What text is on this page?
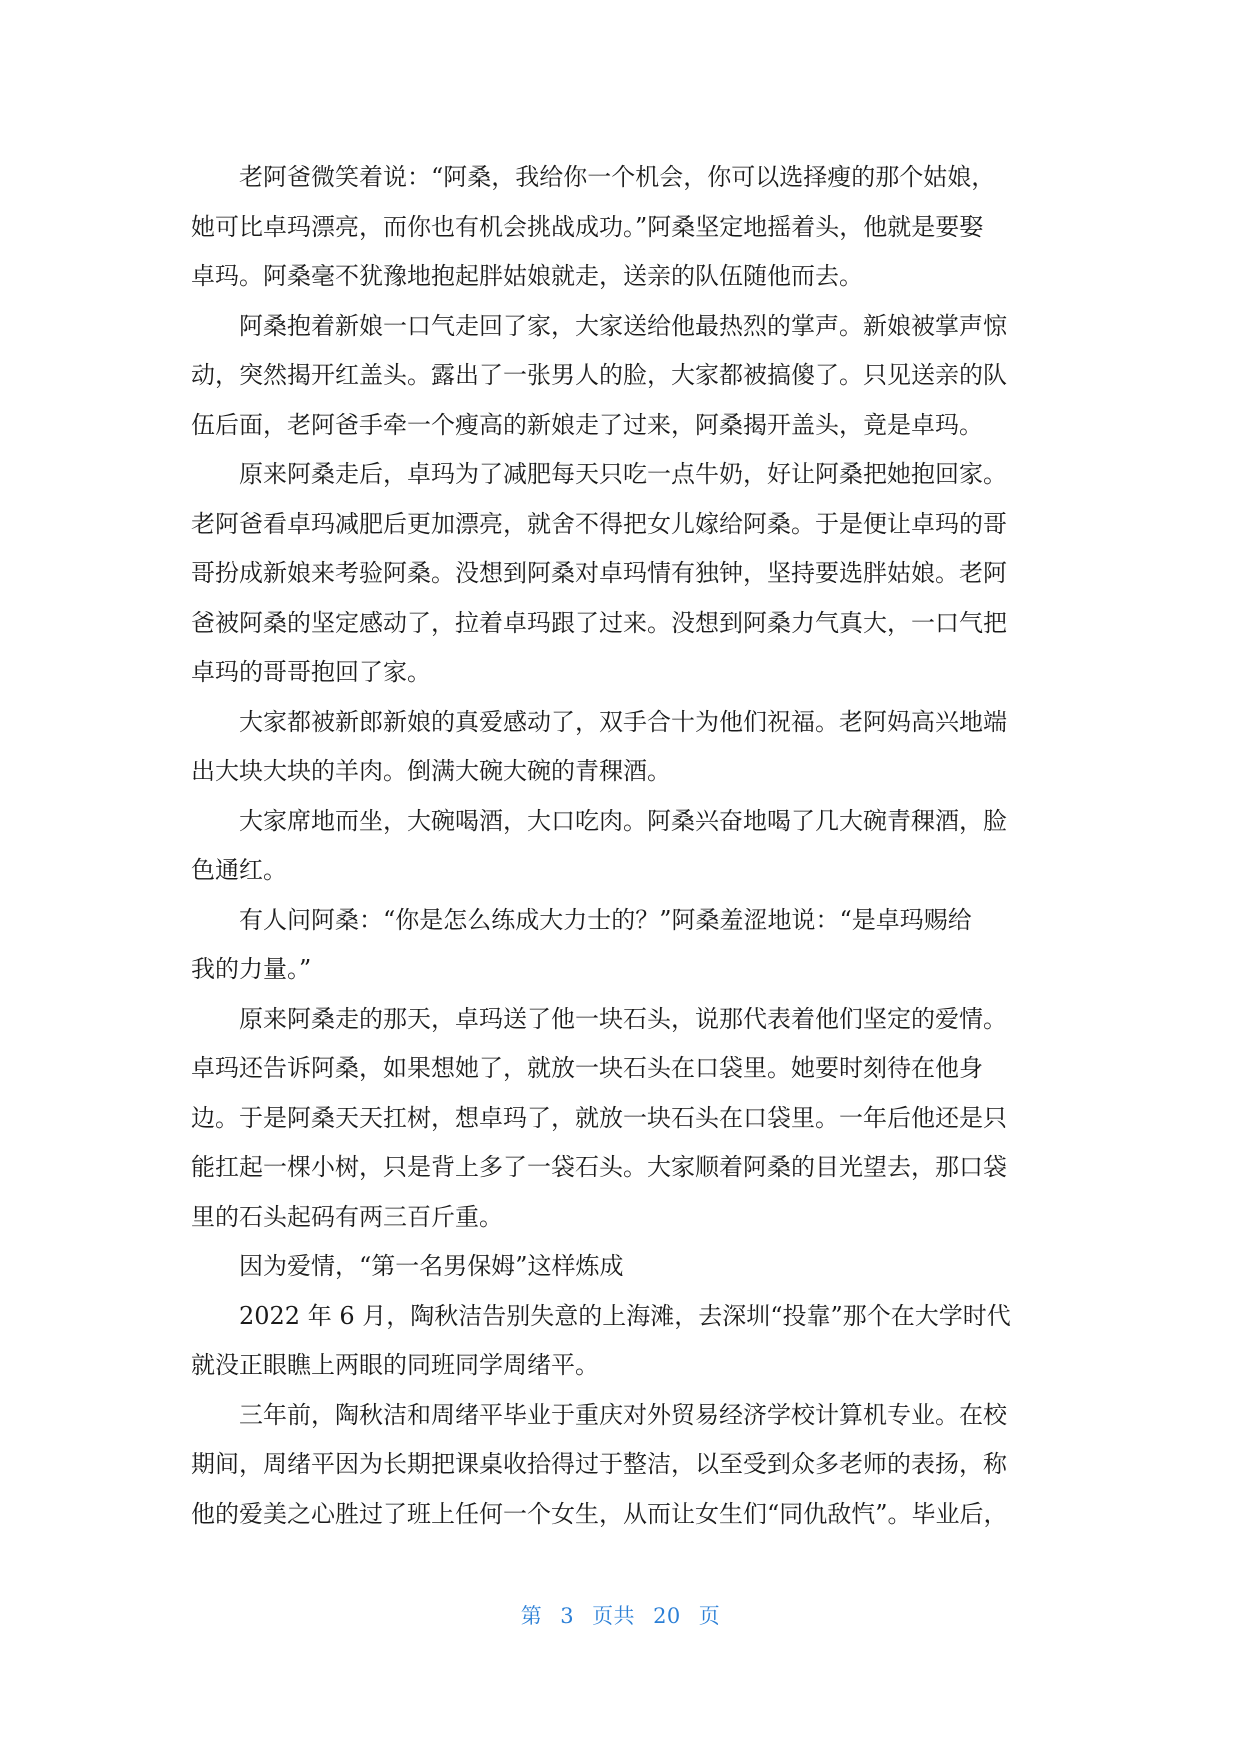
老阿爸微笑着说：“阿桑，我给你一个机会，你可以选择瘦的那个姑娘，
她可比卓玛漂亮，而你也有机会挑战成功。”阿桑坚定地摇着头，他就是要娶
卓玛。阿桑毫不犹豫地抱起胖姑娘就走，送亲的队伍随他而去。
阿桑抱着新娘一口气走回了家，大家送给他最热烈的掌声。新娘被掌声惊
动，突然揭开红盖头。露出了一张男人的脸，大家都被搞傻了。只见送亲的队
伍后面，老阿爸手牵一个瘦高的新娘走了过来，阿桑揭开盖头，竟是卓玛。
原来阿桑走后，卓玛为了减肥每天只吃一点牛奶，好让阿桑把她抱回家。
老阿爸看卓玛减肥后更加漂亮，就舍不得把女儿嫁给阿桑。于是便让卓玛的哥
哥扮成新娘来考验阿桑。没想到阿桑对卓玛情有独钟，坚持要选胖姑娘。老阿
爸被阿桑的坚定感动了，拉着卓玛跟了过来。没想到阿桑力气真大，一口气把
卓玛的哥哥抱回了家。
大家都被新郎新娘的真爱感动了，双手合十为他们祝福。老阿妈高兴地端
出大块大块的羊肉。倒满大碗大碗的青稞酒。
大家席地而坐，大碗喝酒，大口吃肉。阿桑兴奋地喝了几大碗青稞酒，脸
色通红。
有人问阿桑：“你是怎么练成大力士的？”阿桑羞涩地说：“是卓玛赐给
我的力量。”
原来阿桑走的那天，卓玛送了他一块石头，说那代表着他们坚定的爱情。
卓玛还告诉阿桑，如果想她了，就放一块石头在口袋里。她要时刻待在他身
边。于是阿桑天天扛树，想卓玛了，就放一块石头在口袋里。一年后他还是只
能扛起一棵小树，只是背上多了一袋石头。大家顺着阿桑的目光望去，那口袋
里的石头起码有两三百斤重。
因为爱情，“第一名男保姆”这样炼成
2022 年 6 月，陶秋洁告别失意的上海滩，去深圳“投靠”那个在大学时代
就没正眼瞧上两眼的同班同学周绪平。
三年前，陶秋洁和周绪平毕业于重庆对外贸易经济学校计算机专业。在校
期间，周绪平因为长期把课桌收拾得过于整洁，以至受到众多老师的表扬，称
他的爱美之心胜过了班上任何一个女生，从而让女生们“同仇敌忾”。毕业后，
第 3 页共 20 页
